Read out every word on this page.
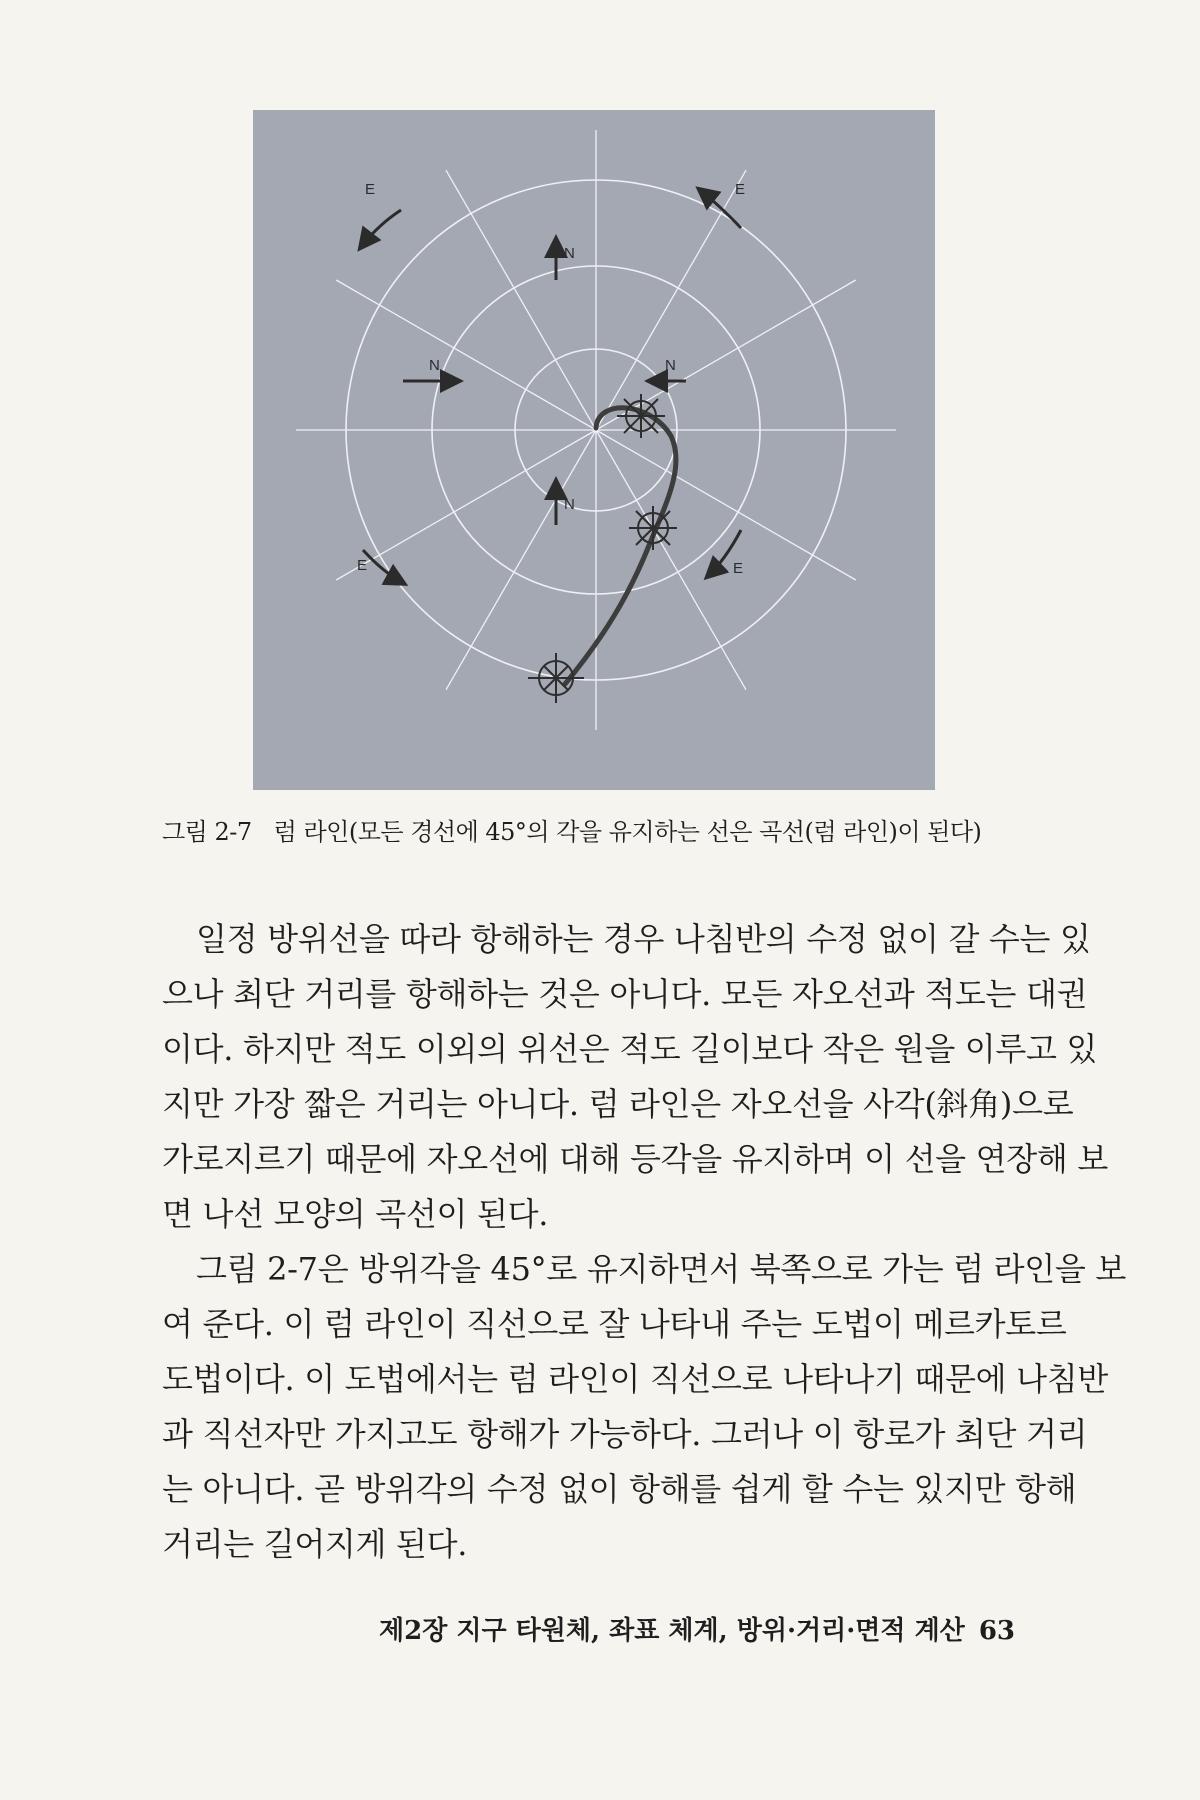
E	E
N
N	N
N
E	E
그림 2-7 럼 라인(모든 경선에 45°의 각을 유지하는 선은 곡선(럼 라인)이 된다)

일정 방위선을 따라 항해하는 경우 나침반의 수정 없이 갈 수는 있
으나 최단 거리를 항해하는 것은 아니다. 모든 자오선과 적도는 대권
이다. 하지만 적도 이외의 위선은 적도 길이보다 작은 원을 이루고 있
지만 가장 짧은 거리는 아니다. 럼 라인은 자오선을 사각(斜角)으로
가로지르기 때문에 자오선에 대해 등각을 유지하며 이 선을 연장해 보
면 나선 모양의 곡선이 된다.

그림 2-7은 방위각을 45°로 유지하면서 북쪽으로 가는 럼 라인을 보
여 준다. 이 럼 라인이 직선으로 잘 나타내 주는 도법이 메르카토르
도법이다. 이 도법에서는 럼 라인이 직선으로 나타나기 때문에 나침반
과 직선자만 가지고도 항해가 가능하다. 그러나 이 항로가 최단 거리
는 아니다. 곧 방위각의 수정 없이 항해를 쉽게 할 수는 있지만 항해
거리는 길어지게 된다.

제2장 지구 타원체, 좌표 체계, 방위·거리·면적 계산 63
